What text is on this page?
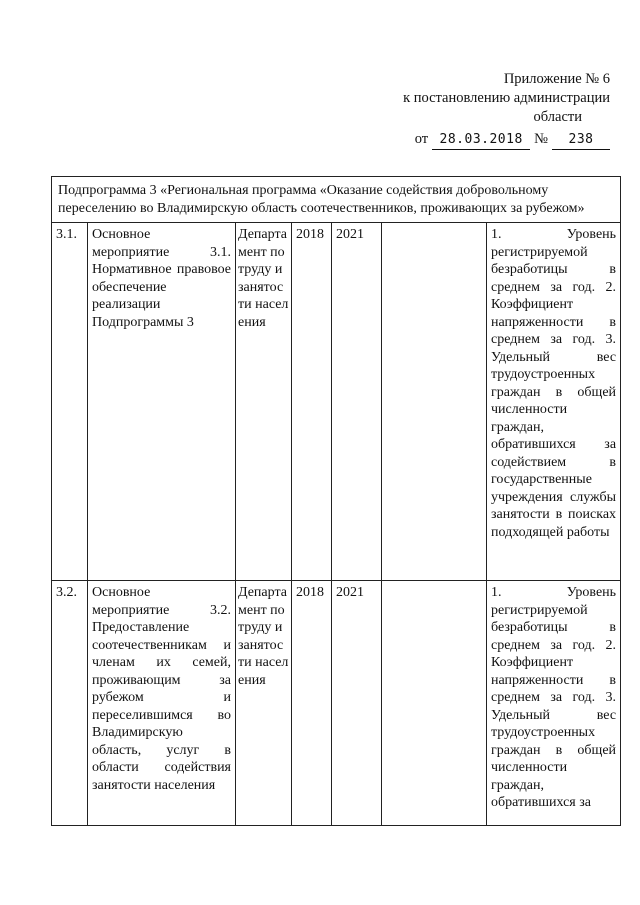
Приложение № 6
к постановлению администрации
области
от 28.03.2018 №	238
Подпрограмма 3 «Региональная программа «Оказание содействия добровольному переселению во Владимирскую область соотечественников, проживающих за рубежом»						
3.1.	Основное мероприятие 3.1. Нормативное правовое обеспечение реализации Подпрограммы 3	Департамент по труду и занятости населения	2018	2021		1. Уровень регистрируемой безработицы в среднем за год. 2. Коэффициент напряженности в среднем за год. 3. Удельный вес трудоустроенных граждан в общей численности граждан, обратившихся за содействием в государственные учреждения службы занятости в поисках подходящей работы
3.2.	Основное мероприятие 3.2. Предоставление соотечественникам и членам их семей, проживающим за рубежом и переселившимся во Владимирскую область, услуг в области содействия занятости населения	Департамент по труду и занятости населения	2018	2021		1. Уровень регистрируемой безработицы в среднем за год. 2. Коэффициент напряженности в среднем за год. 3. Удельный вес трудоустроенных граждан в общей численности граждан, обратившихся за
